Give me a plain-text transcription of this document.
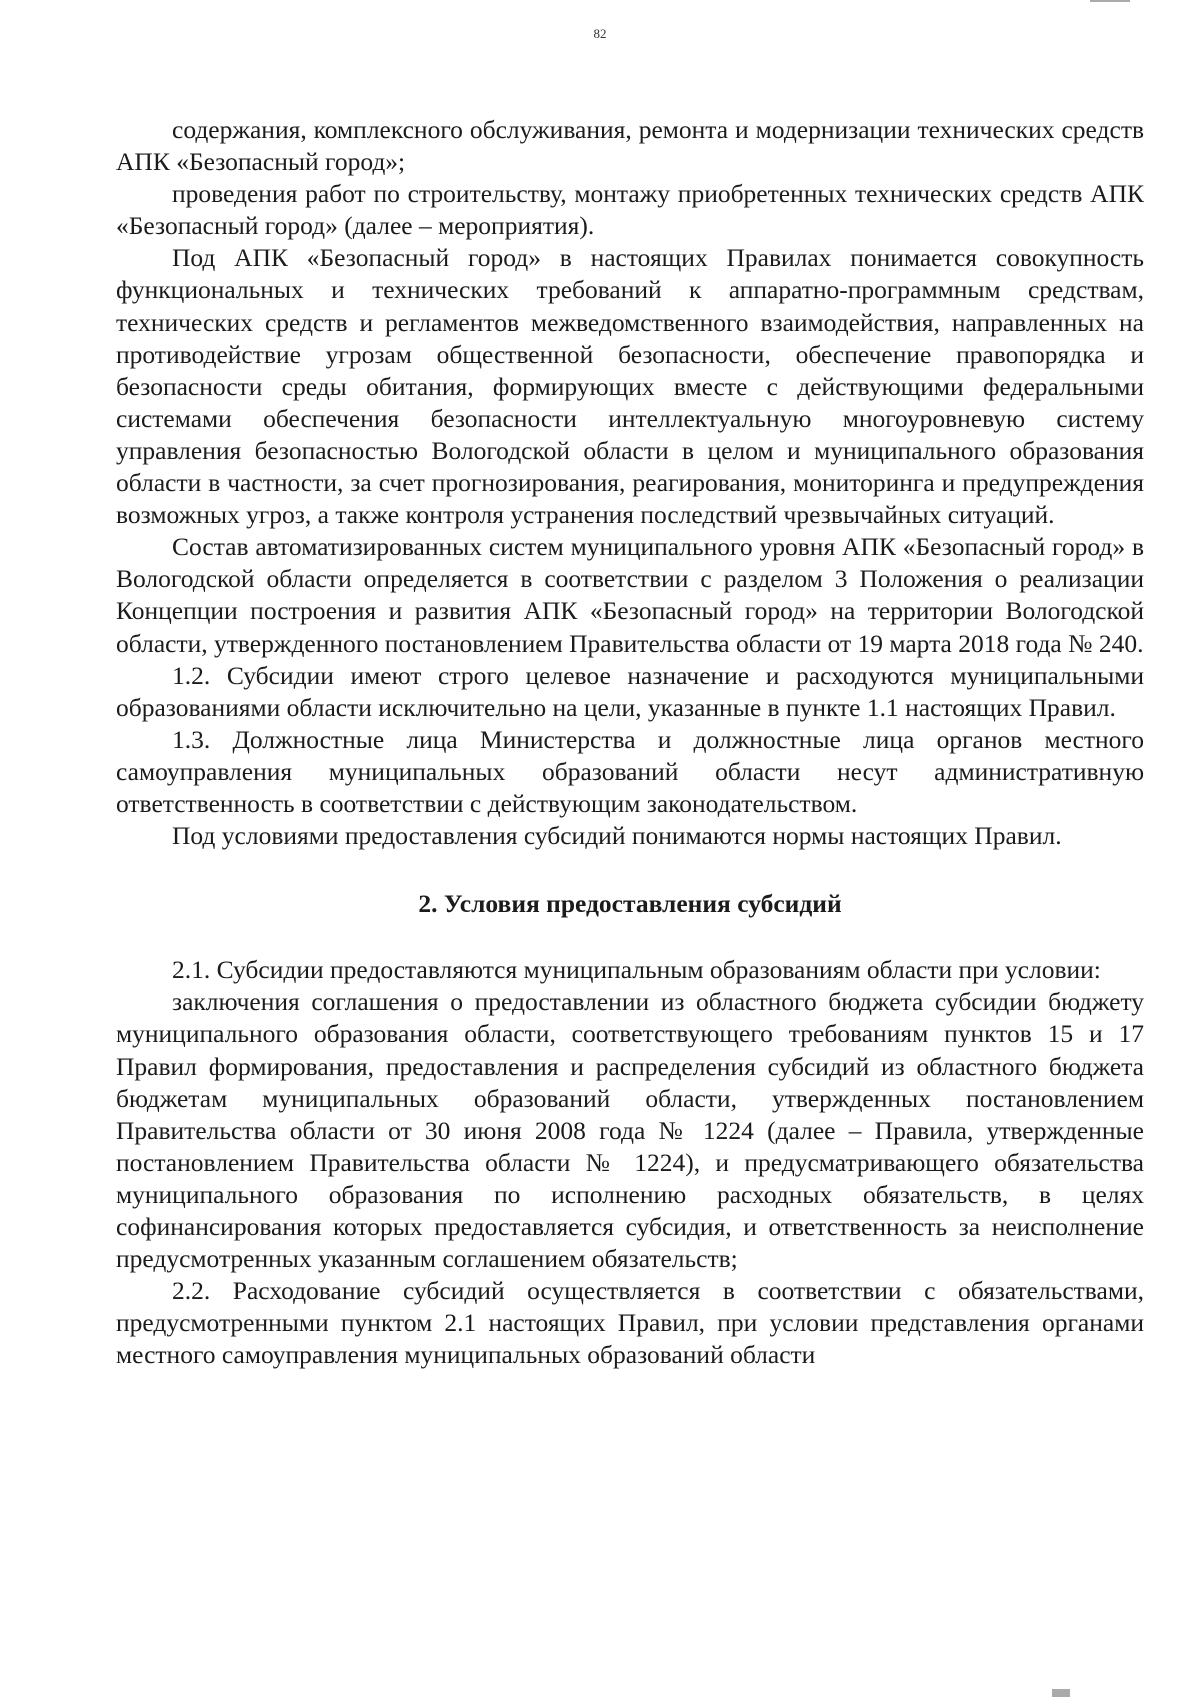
82

содержания, комплексного обслуживания, ремонта и модернизации технических средств АПК «Безопасный город»;

проведения работ по строительству, монтажу приобретенных технических средств АПК «Безопасный город» (далее – мероприятия).

Под АПК «Безопасный город» в настоящих Правилах понимается совокупность функциональных и технических требований к аппаратно-программным средствам, технических средств и регламентов межведомственного взаимодействия, направленных на противодействие угрозам общественной безопасности, обеспечение правопорядка и безопасности среды обитания, формирующих вместе с действующими федеральными системами обеспечения безопасности интеллектуальную многоуровневую систему управления безопасностью Вологодской области в целом и муниципального образования области в частности, за счет прогнозирования, реагирования, мониторинга и предупреждения возможных угроз, а также контроля устранения последствий чрезвычайных ситуаций.

Состав автоматизированных систем муниципального уровня АПК «Безопасный город» в Вологодской области определяется в соответствии с разделом 3 Положения о реализации Концепции построения и развития АПК «Безопасный город» на территории Вологодской области, утвержденного постановлением Правительства области от 19 марта 2018 года № 240.

1.2. Субсидии имеют строго целевое назначение и расходуются муниципальными образованиями области исключительно на цели, указанные в пункте 1.1 настоящих Правил.

1.3. Должностные лица Министерства и должностные лица органов местного самоуправления муниципальных образований области несут административную ответственность в соответствии с действующим законодательством.

Под условиями предоставления субсидий понимаются нормы настоящих Правил.

2. Условия предоставления субсидий

2.1. Субсидии предоставляются муниципальным образованиям области при условии:

заключения соглашения о предоставлении из областного бюджета субсидии бюджету муниципального образования области, соответствующего требованиям пунктов 15 и 17 Правил формирования, предоставления и распределения субсидий из областного бюджета бюджетам муниципальных образований области, утвержденных постановлением Правительства области от 30 июня 2008 года № 1224 (далее – Правила, утвержденные постановлением Правительства области № 1224), и предусматривающего обязательства муниципального образования по исполнению расходных обязательств, в целях софинансирования которых предоставляется субсидия, и ответственность за неисполнение предусмотренных указанным соглашением обязательств;

2.2. Расходование субсидий осуществляется в соответствии с обязательствами, предусмотренными пунктом 2.1 настоящих Правил, при условии представления органами местного самоуправления муниципальных образований области
